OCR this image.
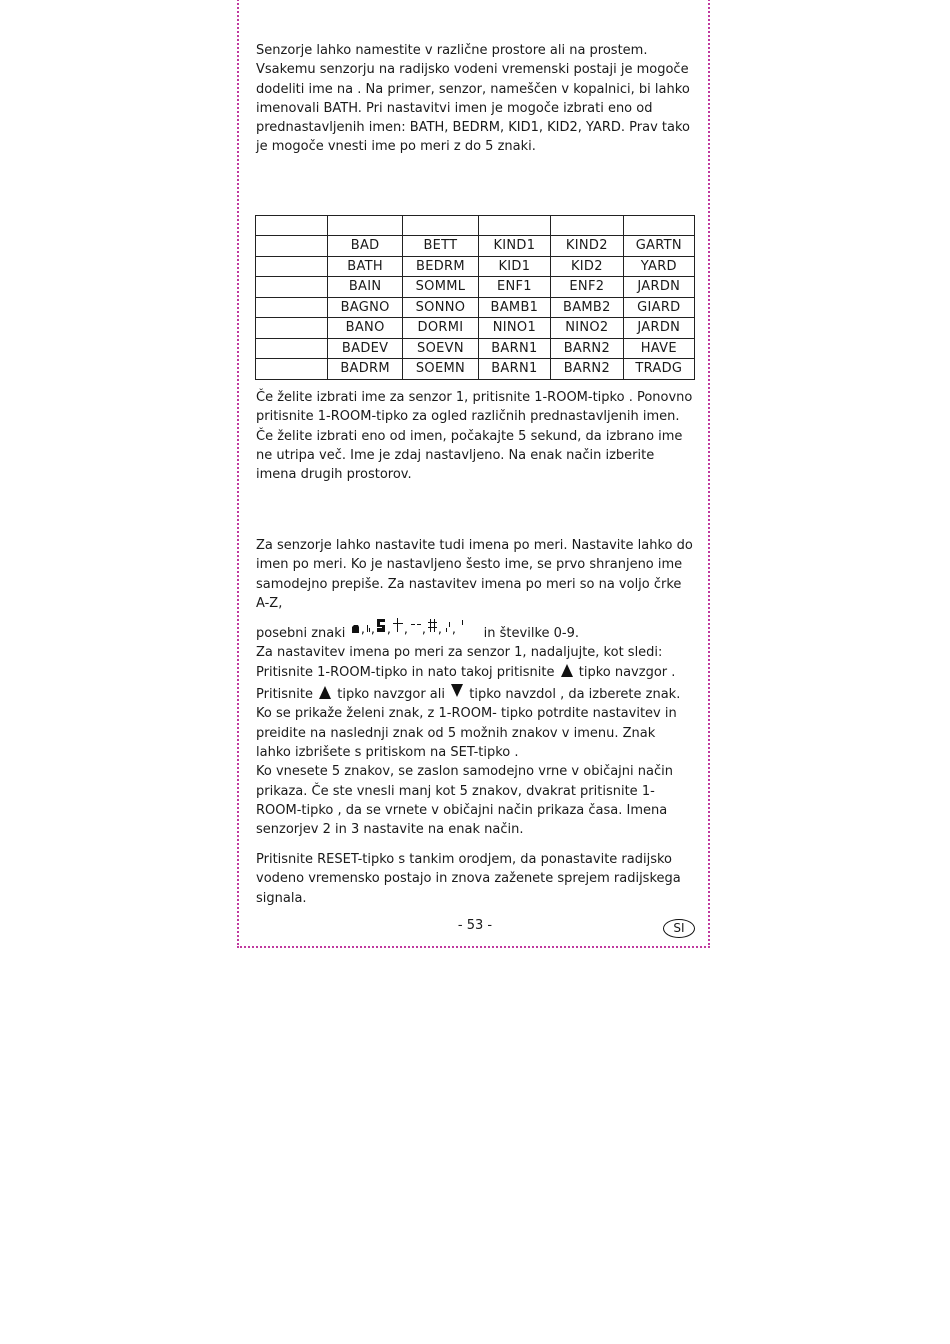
Senzorje lahko namestite v različne prostore ali na prostem. Vsakemu senzorju na radijsko vodeni vremenski postaji je mogoče dodeliti ime na . Na primer, senzor, nameščen v kopalnici, bi lahko imenovali BATH. Pri nastavitvi imen je mogoče izbrati eno od prednastavljenih imen: BATH, BEDRM, KID1, KID2, YARD. Prav tako je mogoče vnesti ime po meri z do 5 znaki.

	BAD	BETT	KIND1	KIND2	GARTN
	BATH	BEDRM	KID1	KID2	YARD
	BAIN	SOMML	ENF1	ENF2	JARDN
	BAGNO	SONNO	BAMB1	BAMB2	GIARD
	BANO	DORMI	NINO1	NINO2	JARDN
	BADEV	SOEVN	BARN1	BARN2	HAVE
	BADRM	SOEMN	BARN1	BARN2	TRADG

Če želite izbrati ime za senzor 1, pritisnite 1-ROOM-tipko . Ponovno pritisnite 1-ROOM-tipko za ogled različnih prednastavljenih imen. Če želite izbrati eno od imen, počakajte 5 sekund, da izbrano ime ne utripa več. Ime je zdaj nastavljeno. Na enak način izberite imena drugih prostorov.

Za senzorje lahko nastavite tudi imena po meri. Nastavite lahko do imen po meri. Ko je nastavljeno šesto ime, se prvo shranjeno ime samodejno prepiše. Za nastavitev imena po meri so na voljo črke A-Z,

posebni znaki , , , , , , , in številke 0-9.

Za nastavitev imena po meri za senzor 1, nadaljujte, kot sledi: Pritisnite 1-ROOM-tipko in nato takoj pritisnite tipko navzgor .

Pritisnite tipko navzgor ali tipko navzdol , da izberete znak. Ko se prikaže želeni znak, z 1-ROOM- tipko potrdite nastavitev in preidite na naslednji znak od 5 možnih znakov v imenu. Znak lahko izbrišete s pritiskom na SET-tipko .

Ko vnesete 5 znakov, se zaslon samodejno vrne v običajni način prikaza. Če ste vnesli manj kot 5 znakov, dvakrat pritisnite 1-ROOM-tipko , da se vrnete v običajni način prikaza časa. Imena senzorjev 2 in 3 nastavite na enak način.

Pritisnite RESET-tipko s tankim orodjem, da ponastavite radijsko vodeno vremensko postajo in znova zaženete sprejem radijskega signala.

- 53 -	SI
